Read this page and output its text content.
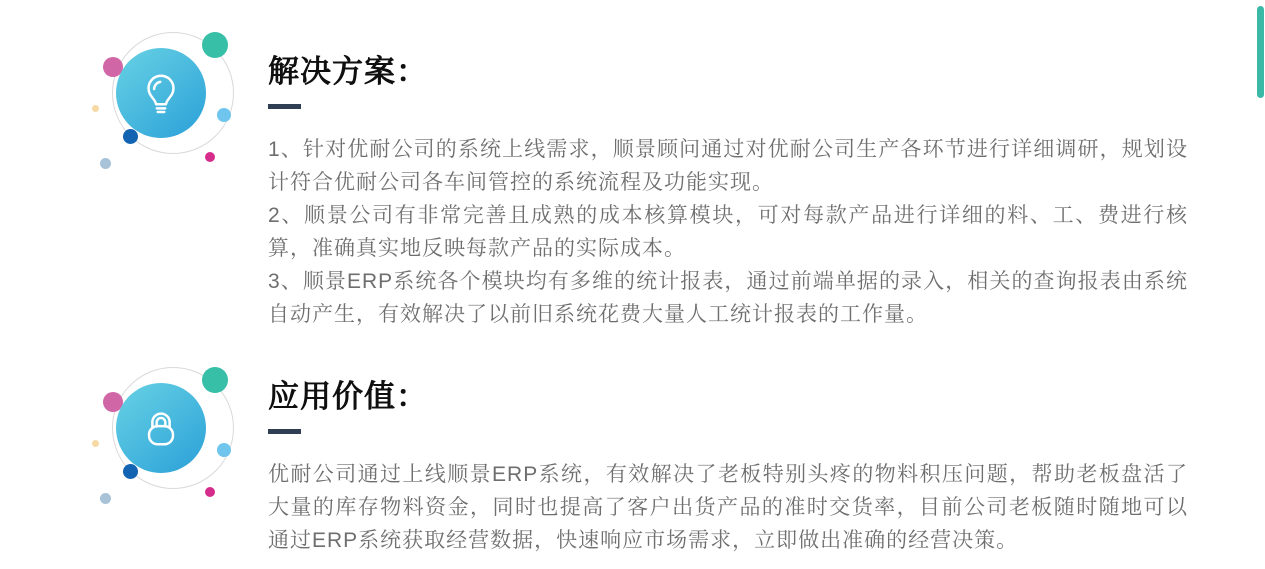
解决方案：

1、针对优耐公司的系统上线需求，顺景顾问通过对优耐公司生产各环节进行详细调研，规划设计符合优耐公司各车间管控的系统流程及功能实现。

2、顺景公司有非常完善且成熟的成本核算模块，可对每款产品进行详细的料、工、费进行核算，准确真实地反映每款产品的实际成本。

3、顺景ERP系统各个模块均有多维的统计报表，通过前端单据的录入，相关的查询报表由系统自动产生，有效解决了以前旧系统花费大量人工统计报表的工作量。

应用价值：

优耐公司通过上线顺景ERP系统，有效解决了老板特别头疼的物料积压问题，帮助老板盘活了大量的库存物料资金，同时也提高了客户出货产品的准时交货率，目前公司老板随时随地可以通过ERP系统获取经营数据，快速响应市场需求，立即做出准确的经营决策。
